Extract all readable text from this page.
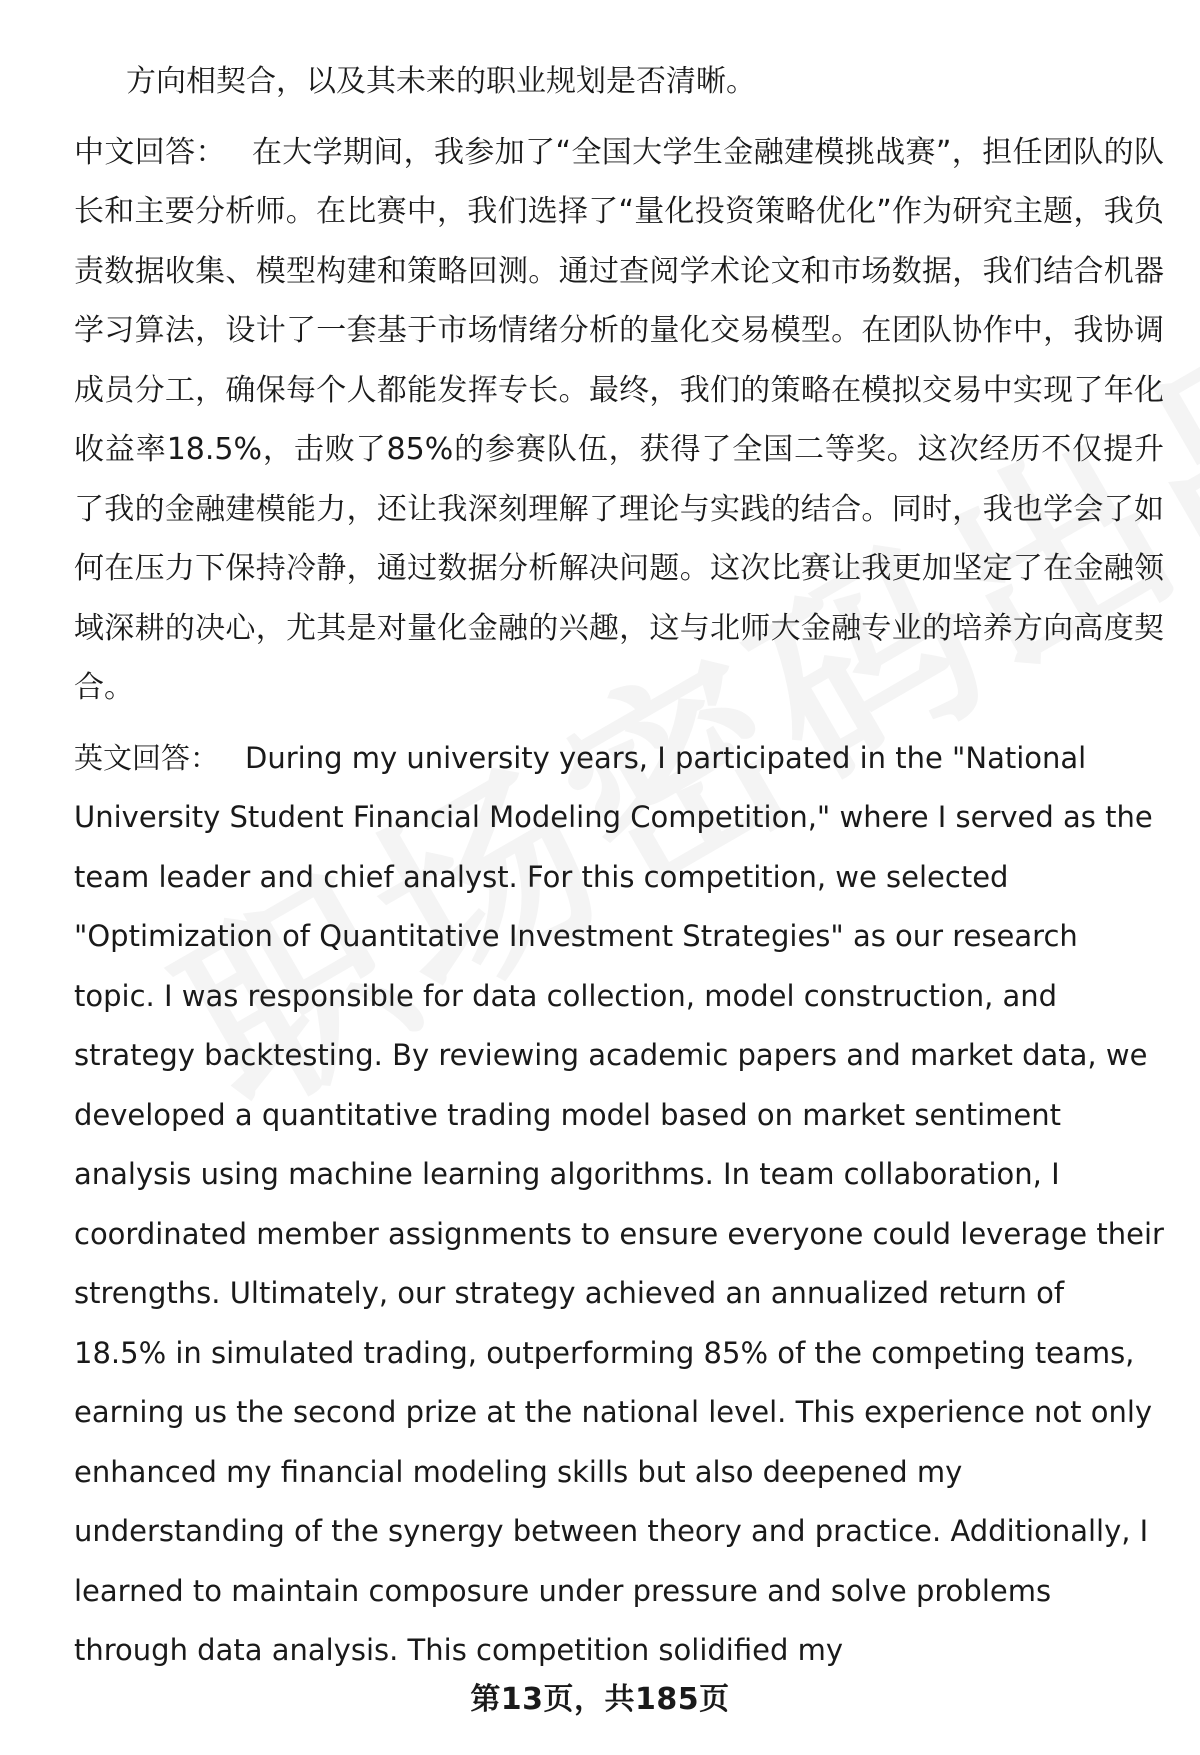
方向相契合，以及其未来的职业规划是否清晰。

中文回答： 在大学期间，我参加了“全国大学生金融建模挑战赛”，担任团队的队长和主要分析师。在比赛中，我们选择了“量化投资策略优化”作为研究主题，我负责数据收集、模型构建和策略回测。通过查阅学术论文和市场数据，我们结合机器学习算法，设计了一套基于市场情绪分析的量化交易模型。在团队协作中，我协调成员分工，确保每个人都能发挥专长。最终，我们的策略在模拟交易中实现了年化收益率18.5%，击败了85%的参赛队伍，获得了全国二等奖。这次经历不仅提升了我的金融建模能力，还让我深刻理解了理论与实践的结合。同时，我也学会了如何在压力下保持冷静，通过数据分析解决问题。这次比赛让我更加坚定了在金融领域深耕的决心，尤其是对量化金融的兴趣，这与北师大金融专业的培养方向高度契合。

英文回答： During my university years, I participated in the "National University Student Financial Modeling Competition," where I served as the team leader and chief analyst. For this competition, we selected "Optimization of Quantitative Investment Strategies" as our research topic. I was responsible for data collection, model construction, and strategy backtesting. By reviewing academic papers and market data, we developed a quantitative trading model based on market sentiment analysis using machine learning algorithms. In team collaboration, I coordinated member assignments to ensure everyone could leverage their strengths. Ultimately, our strategy achieved an annualized return of 18.5% in simulated trading, outperforming 85% of the competing teams, earning us the second prize at the national level. This experience not only enhanced my financial modeling skills but also deepened my understanding of the synergy between theory and practice. Additionally, I learned to maintain composure under pressure and solve problems through data analysis. This competition solidified my

第13页，共185页
